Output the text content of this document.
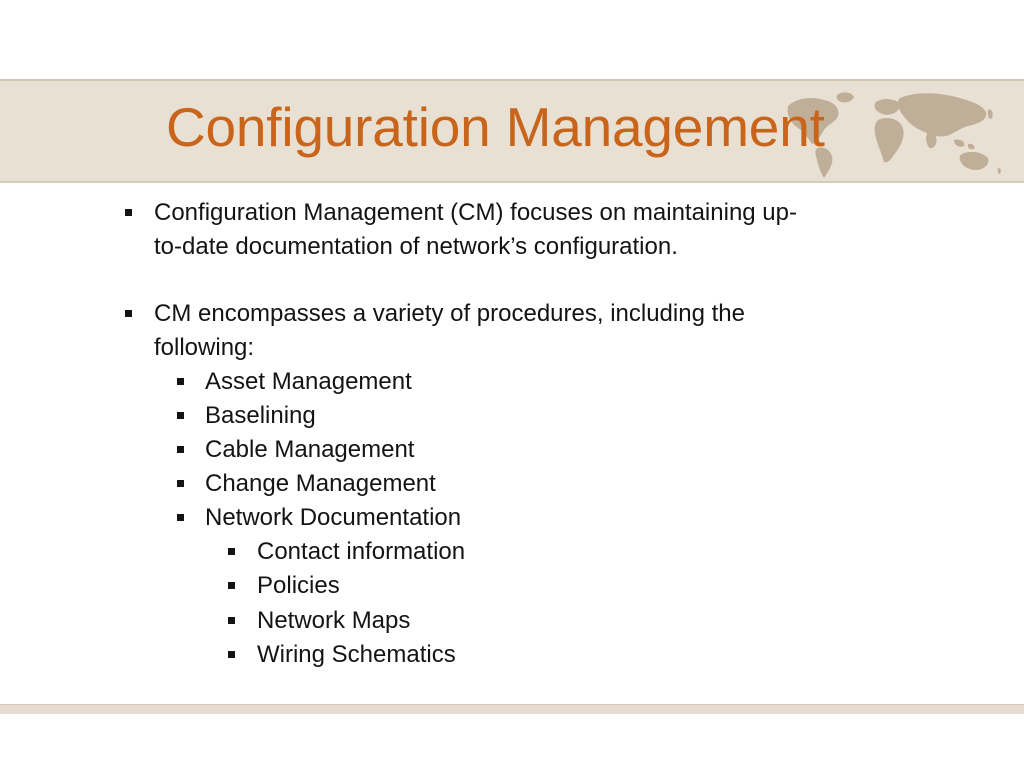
Configuration Management
Configuration Management (CM) focuses on maintaining up-
to-date documentation of network’s configuration.
CM encompasses a variety of procedures, including the
following:
Asset Management
Baselining
Cable Management
Change Management
Network Documentation
Contact information
Policies
Network Maps
Wiring Schematics
